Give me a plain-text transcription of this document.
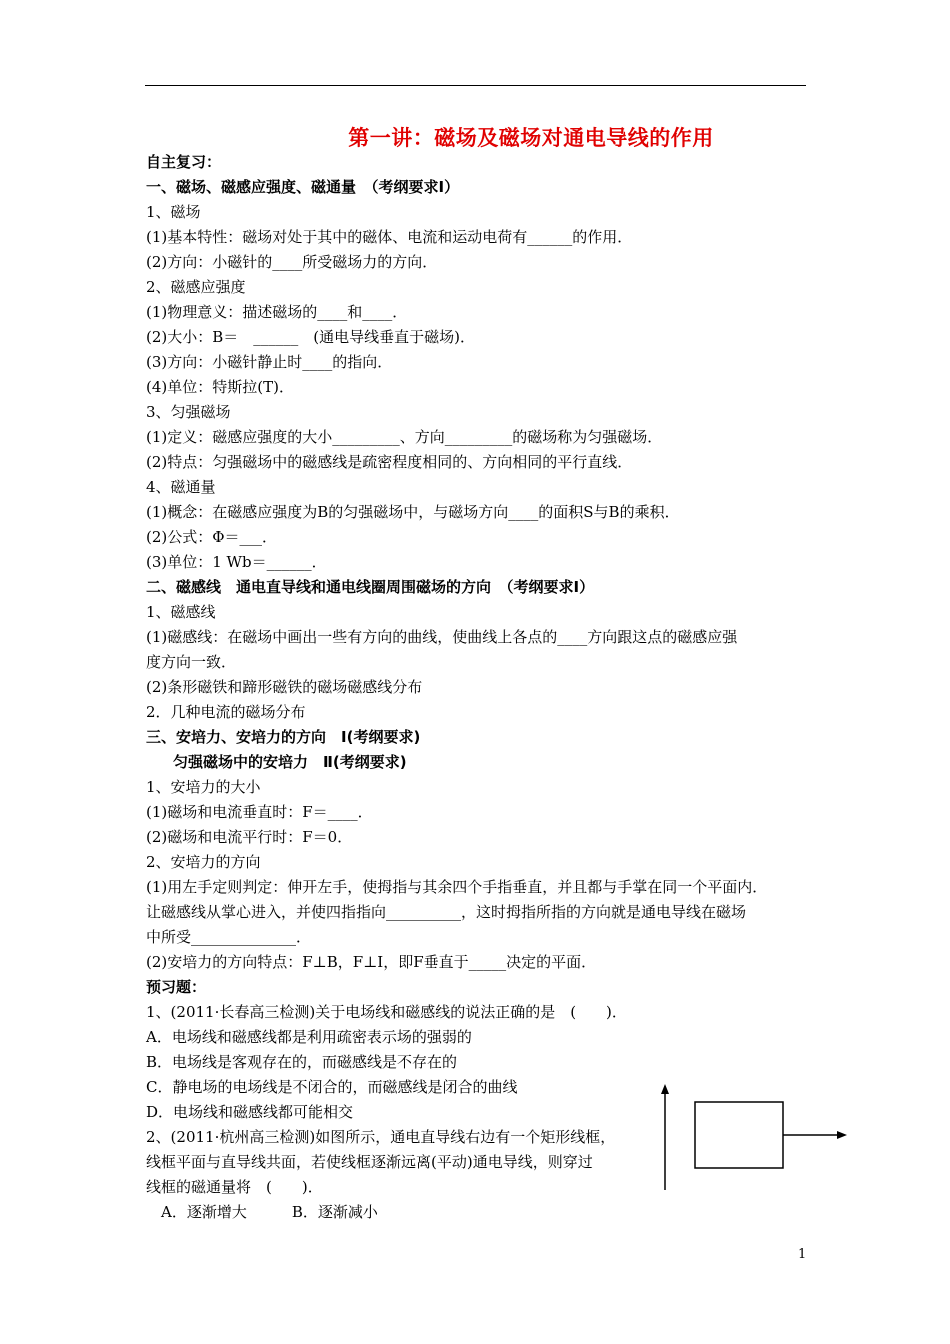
第一讲：磁场及磁场对通电导线的作用
自主复习：
一、磁场、磁感应强度、磁通量　（考纲要求Ⅰ）
1、磁场
(1)基本特性：磁场对处于其中的磁体、电流和运动电荷有______的作用．
(2)方向：小磁针的____所受磁场力的方向．
2、磁感应强度
(1)物理意义：描述磁场的____和____．
(2)大小：B＝　______　(通电导线垂直于磁场)．
(3)方向：小磁针静止时____的指向．
(4)单位：特斯拉(T)．
3、匀强磁场
(1)定义：磁感应强度的大小_________、方向_________的磁场称为匀强磁场．
(2)特点：匀强磁场中的磁感线是疏密程度相同的、方向相同的平行直线．
4、磁通量
(1)概念：在磁感应强度为B的匀强磁场中，与磁场方向____的面积S与B的乘积．
(2)公式：Φ＝___．
(3)单位：1 Wb＝______．
二、磁感线　通电直导线和通电线圈周围磁场的方向　（考纲要求Ⅰ）
1、磁感线
(1)磁感线：在磁场中画出一些有方向的曲线，使曲线上各点的____方向跟这点的磁感应强
度方向一致．
(2)条形磁铁和蹄形磁铁的磁场磁感线分布
2．几种电流的磁场分布
三、安培力、安培力的方向　Ⅰ(考纲要求)
匀强磁场中的安培力　Ⅱ(考纲要求)
1、安培力的大小
(1)磁场和电流垂直时：F＝____．
(2)磁场和电流平行时：F＝0．
2、安培力的方向
(1)用左手定则判定：伸开左手，使拇指与其余四个手指垂直，并且都与手掌在同一个平面内．
让磁感线从掌心进入，并使四指指向__________，这时拇指所指的方向就是通电导线在磁场
中所受______________．
(2)安培力的方向特点：F⊥B，F⊥I，即F垂直于_____决定的平面．
预习题：
1、(2011·长春高三检测)关于电场线和磁感线的说法正确的是　(　　)．
A．电场线和磁感线都是利用疏密表示场的强弱的
B．电场线是客观存在的，而磁感线是不存在的
C．静电场的电场线是不闭合的，而磁感线是闭合的曲线
D．电场线和磁感线都可能相交
2、(2011·杭州高三检测)如图所示，通电直导线右边有一个矩形线框，
线框平面与直导线共面，若使线框逐渐远离(平动)通电导线，则穿过
线框的磁通量将　(　　)．
　A．逐渐增大　　　B．逐渐减小
1
